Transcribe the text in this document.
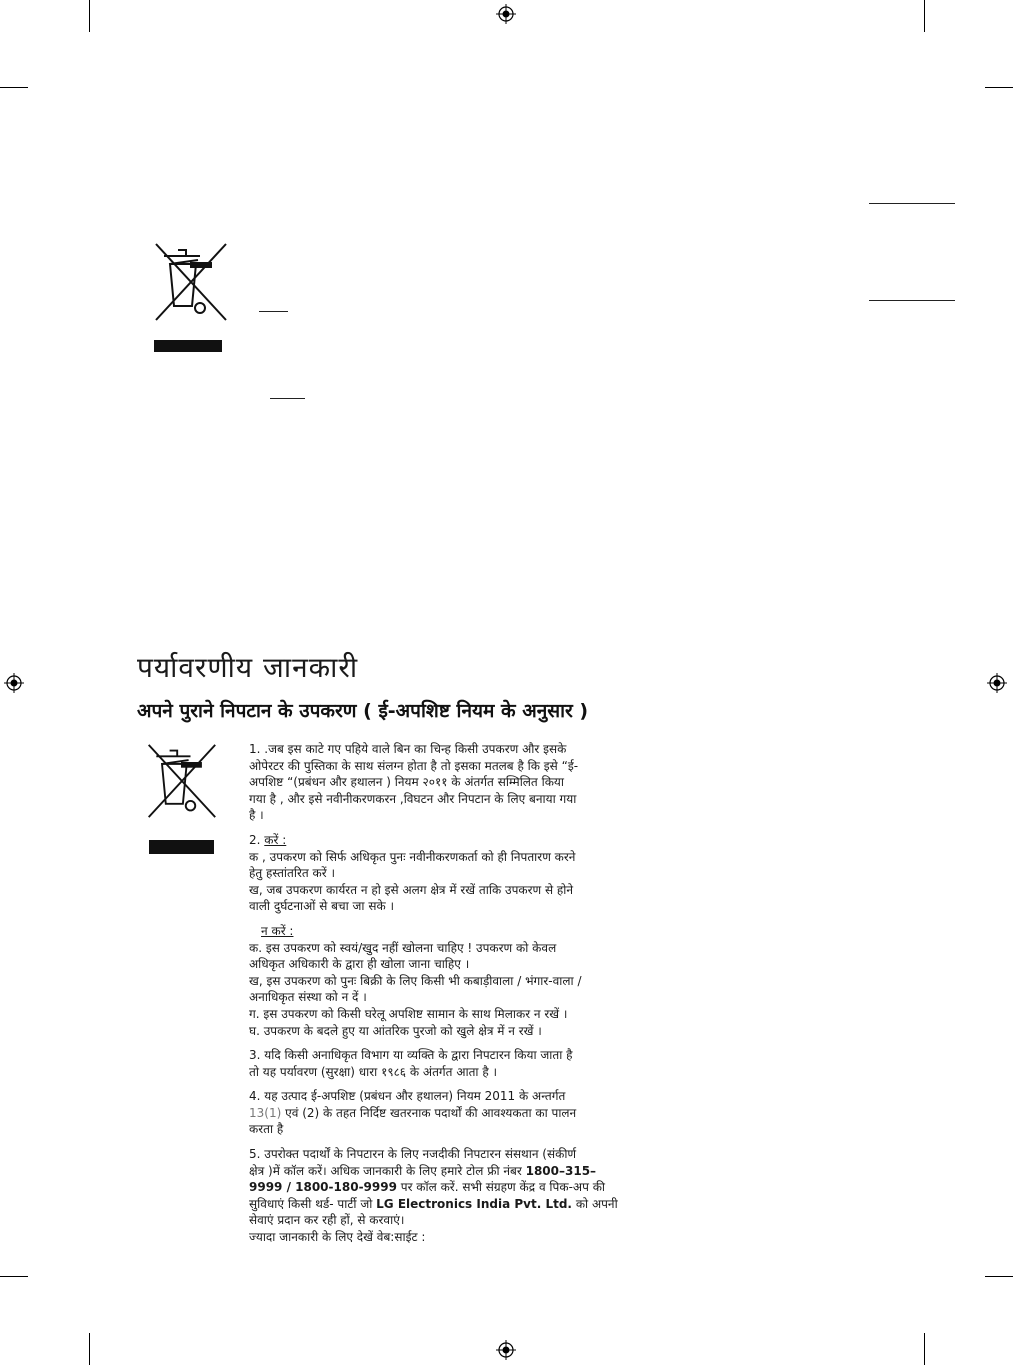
पर्यावरणीय जानकारी
अपने पुराने निपटान के उपकरण ( ई-अपशिष्ट नियम के अनुसार )

1. .जब इस काटे गए पहिये वाले बिन का चिन्ह किसी उपकरण और इसके

ओपेरटर की पुस्तिका के साथ संलग्न होता है तो इसका मतलब है कि इसे “ई-

अपशिष्ट “(प्रबंधन और हथालन ) नियम २०११ के अंतर्गत सम्मिलित किया

गया है , और इसे नवीनीकरणकरन ,विघटन और निपटान के लिए बनाया गया

है ।

2. करें :

क , उपकरण को सिर्फ अधिकृत पुनः नवीनीकरणकर्ता को ही निपतारण करने

हेतु हस्तांतरित करें ।

ख, जब उपकरण कार्यरत न हो इसे अलग क्षेत्र में रखें ताकि उपकरण से होने

वाली दुर्घटनाओं से बचा जा सके ।

न करें :

क. इस उपकरण को स्वयं/खुद नहीं खोलना चाहिए ! उपकरण को केवल

अधिकृत अधिकारी के द्वारा ही खोला जाना चाहिए ।

ख, इस उपकरण को पुनः बिक्री के लिए किसी भी कबाड़ीवाला / भंगार-वाला /

अनाधिकृत संस्था को न दें ।

ग. इस उपकरण को किसी घरेलू अपशिष्ट सामान के साथ मिलाकर न रखें ।

घ. उपकरण के बदले हुए या आंतरिक पुरजो को खुले क्षेत्र में न रखें ।

3. यदि किसी अनाधिकृत विभाग या व्यक्ति के द्वारा निपटारन किया जाता है

तो यह पर्यावरण (सुरक्षा) धारा १९८६ के अंतर्गत आता है ।

4. यह उत्पाद ई-अपशिष्ट (प्रबंधन और हथालन) नियम 2011 के अन्तर्गत

13(1) एवं (2) के तहत निर्दिष्ट खतरनाक पदार्थों की आवश्यकता का पालन

करता है

5. उपरोक्त पदार्थों के निपटारन के लिए नजदीकी निपटारन संसथान (संकीर्ण

क्षेत्र )में कॉल करें। अधिक जानकारी के लिए हमारे टोल फ्री नंबर 1800–315–

9999 / 1800-180-9999 पर कॉल करें. सभी संग्रहण केंद्र व पिक-अप की

सुविधाएं किसी थर्ड- पार्टी जो LG Electronics India Pvt. Ltd. को अपनी

सेवाएं प्रदान कर रही हों, से करवाएं।

ज्यादा जानकारी के लिए देखें वेब:साईट :
